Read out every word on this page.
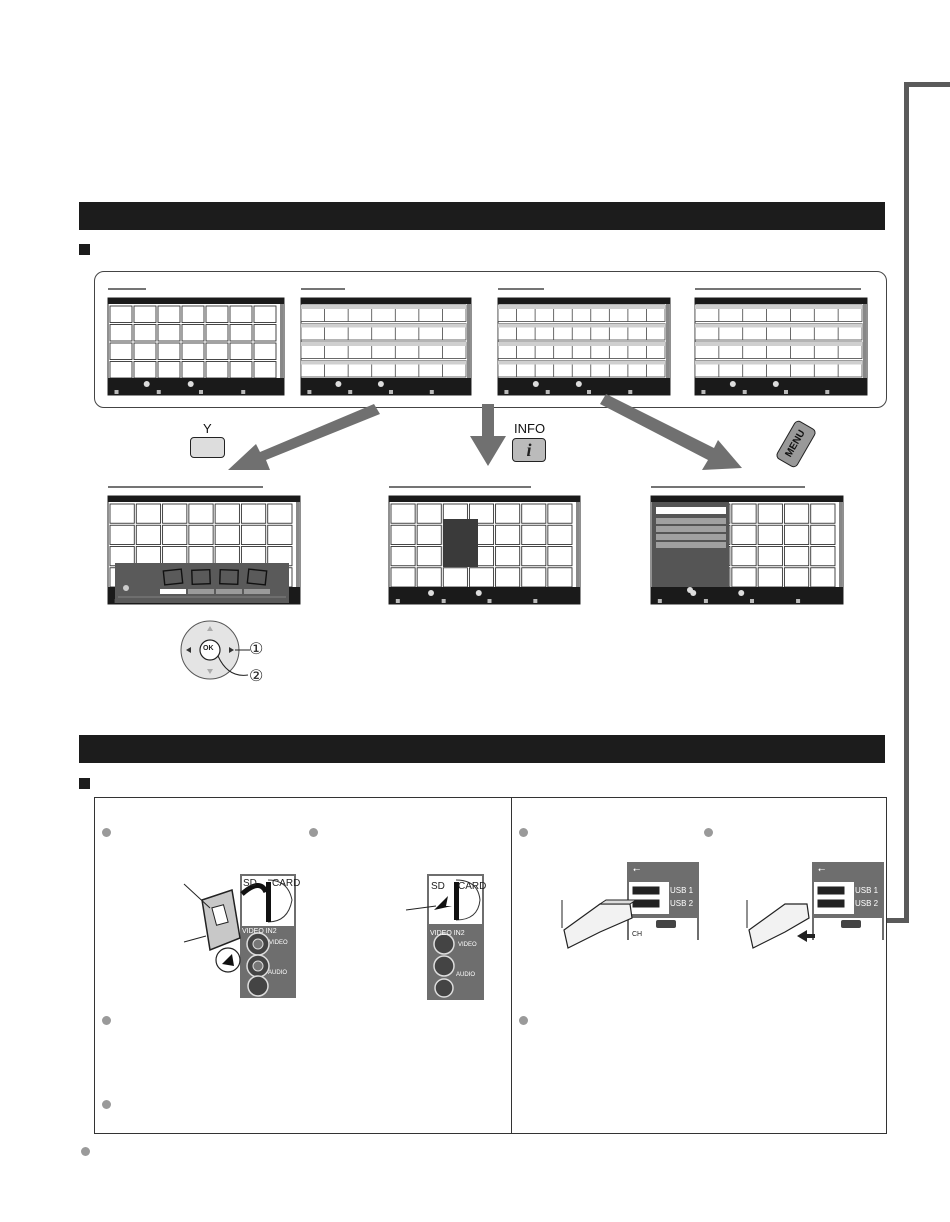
Y	INFO
i	MENU
OK ①
②
SD CARD
VIDEO IN2
VIDEO
AUDIO
SD CARD
VIDEO IN2
VIDEO
AUDIO
USB 1
USB 2
CH
USB 1
USB 2
⭠	⭠
